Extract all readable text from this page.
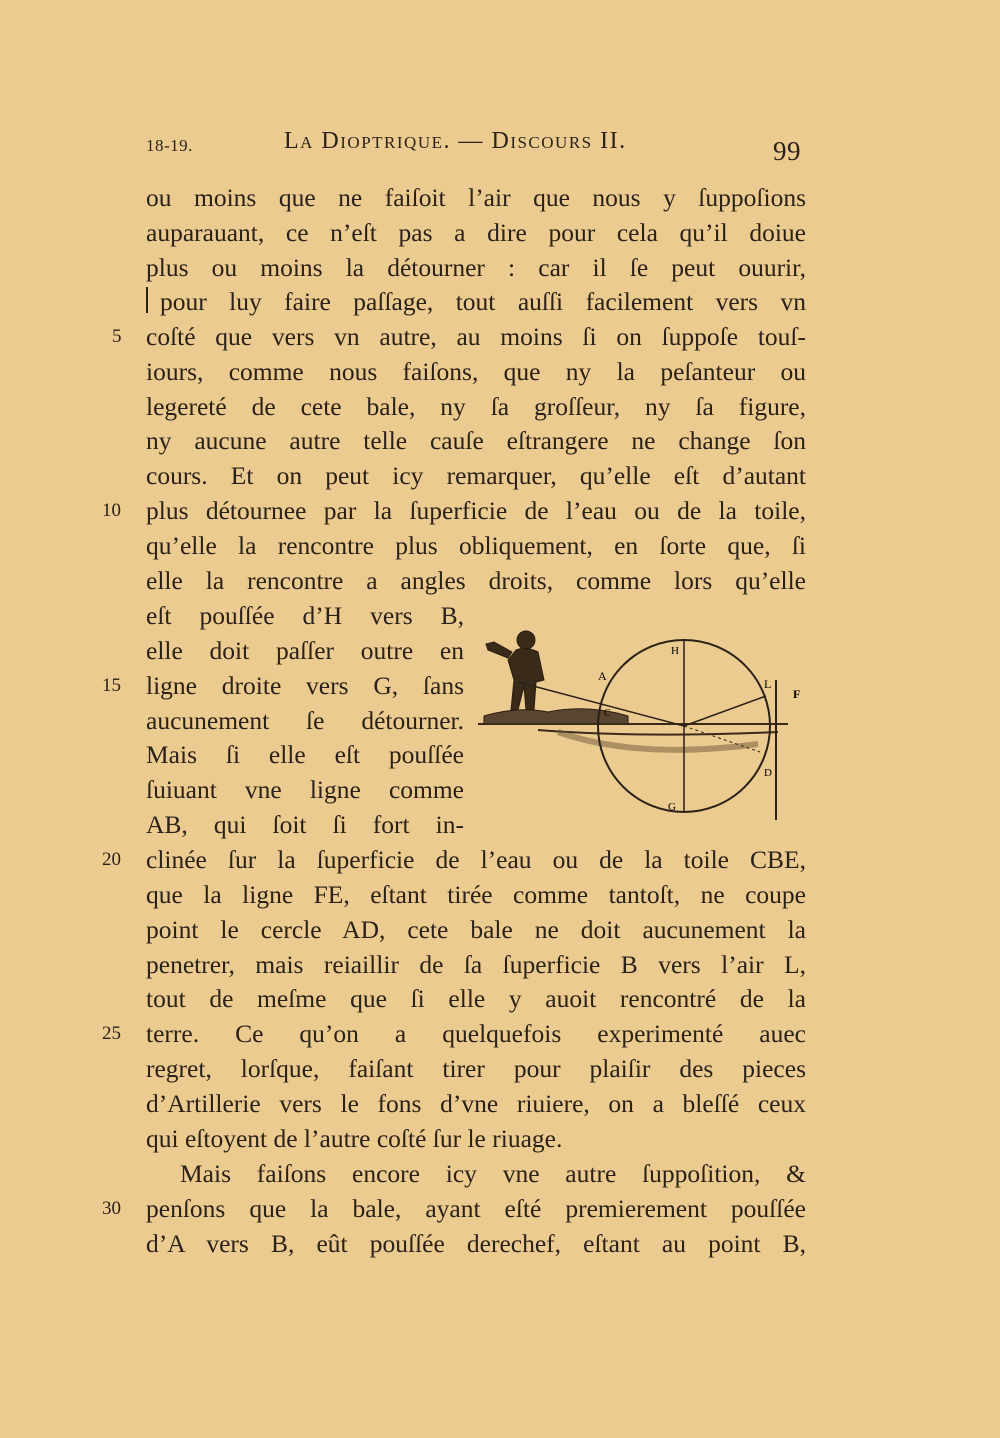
18-19.	La Dioptrique. — Discours II.	99
ou moins que ne faiſoit l’air que nous y ſuppoſions
auparauant, ce n’eſt pas a dire pour cela qu’il doiue
plus ou moins la détourner : car il ſe peut ouurir,
pour luy faire paſſage, tout auſſi facilement vers vn
coſté que vers vn autre, au moins ſi on ſuppoſe touſ-
iours, comme nous faiſons, que ny la peſanteur ou
legereté de cete bale, ny ſa groſſeur, ny ſa figure,
ny aucune autre telle cauſe eſtrangere ne change ſon
cours. Et on peut icy remarquer, qu’elle eſt d’autant
plus détournee par la ſuperficie de l’eau ou de la toile,
qu’elle la rencontre plus obliquement, en ſorte que, ſi
elle la rencontre a angles droits, comme lors qu’elle
eſt pouſſée d’H vers B,
elle doit paſſer outre en
ligne droite vers G, ſans
aucunement ſe détourner.
Mais ſi elle eſt pouſſée
ſuiuant vne ligne comme
AB, qui ſoit ſi fort in-
clinée ſur la ſuperficie de l’eau ou de la toile CBE,
que la ligne FE, eſtant tirée comme tantoſt, ne coupe
point le cercle AD, cete bale ne doit aucunement la
penetrer, mais reiaillir de ſa ſuperficie B vers l’air L,
tout de meſme que ſi elle y auoit rencontré de la
terre. Ce qu’on a quelquefois experimenté auec
regret, lorſque, faiſant tirer pour plaiſir des pieces
d’Artillerie vers le fons d’vne riuiere, on a bleſſé ceux
qui eſtoyent de l’autre coſté ſur le riuage.
Mais faiſons encore icy vne autre ſuppoſition, &
penſons que la bale, ayant eſté premierement pouſſée
d’A vers B, eût pouſſée derechef, eſtant au point B,
5
10
15
20
25
30
H
L
F
A
C
D
G
